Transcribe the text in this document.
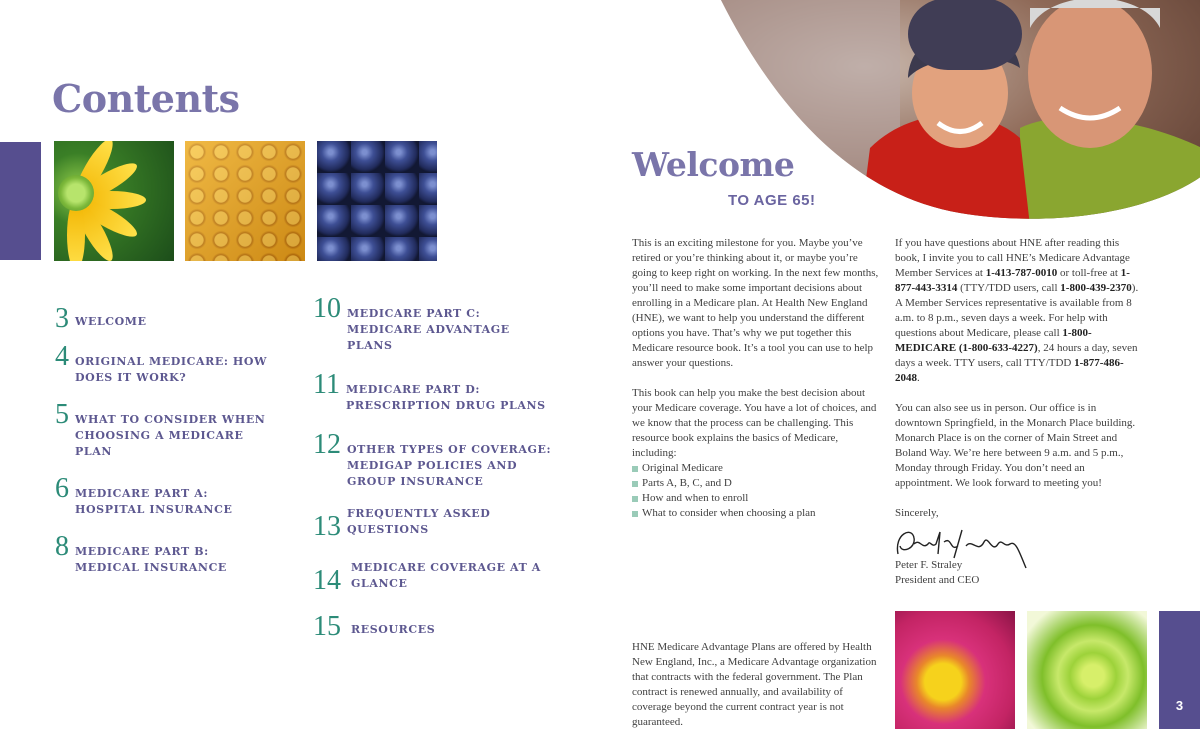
Contents
3 WELCOME
4 ORIGINAL MEDICARE: HOW DOES IT WORK?
5 WHAT TO CONSIDER WHEN CHOOSING A MEDICARE PLAN
6 MEDICARE PART A: HOSPITAL INSURANCE
8 MEDICARE PART B: MEDICAL INSURANCE
10 MEDICARE PART C: MEDICARE ADVANTAGE PLANS
11 MEDICARE PART D: PRESCRIPTION DRUG PLANS
12 OTHER TYPES OF COVERAGE: MEDIGAP POLICIES AND GROUP INSURANCE
13 FREQUENTLY ASKED QUESTIONS
14 MEDICARE COVERAGE AT A GLANCE
15 RESOURCES
Welcome
TO AGE 65!

This is an exciting milestone for you. Maybe you’ve retired or you’re thinking about it, or maybe you’re going to keep right on working. In the next few months, you’ll need to make some important decisions about enrolling in a Medicare plan. At Health New England (HNE), we want to help you understand the different options you have. That’s why we put together this Medicare resource book. It’s a tool you can use to help answer your questions.

This book can help you make the best decision about your Medicare coverage. You have a lot of choices, and we know that the process can be challenging. This resource book explains the basics of Medicare, including:

Original Medicare
Parts A, B, C, and D
How and when to enroll
What to consider when choosing a plan

If you have questions about HNE after reading this book, I invite you to call HNE’s Medicare Advantage Member Services at 1-413-787-0010 or toll-free at 1-877-443-3314 (TTY/TDD users, call 1-800-439-2370). A Member Services representative is available from 8 a.m. to 8 p.m., seven days a week. For help with questions about Medicare, please call 1-800-MEDICARE (1-800-633-4227), 24 hours a day, seven days a week. TTY users, call TTY/TDD 1-877-486-2048.

You can also see us in person. Our office is in downtown Springfield, in the Monarch Place building. Monarch Place is on the corner of Main Street and Boland Way. We’re here between 9 a.m. and 5 p.m., Monday through Friday. You don’t need an appointment. We look forward to meeting you!

Sincerely,

Peter F. Straley
President and CEO
HNE Medicare Advantage Plans are offered by Health New England, Inc., a Medicare Advantage organization that contracts with the federal government. The Plan contract is renewed annually, and availability of coverage beyond the current contract year is not guaranteed.
3
